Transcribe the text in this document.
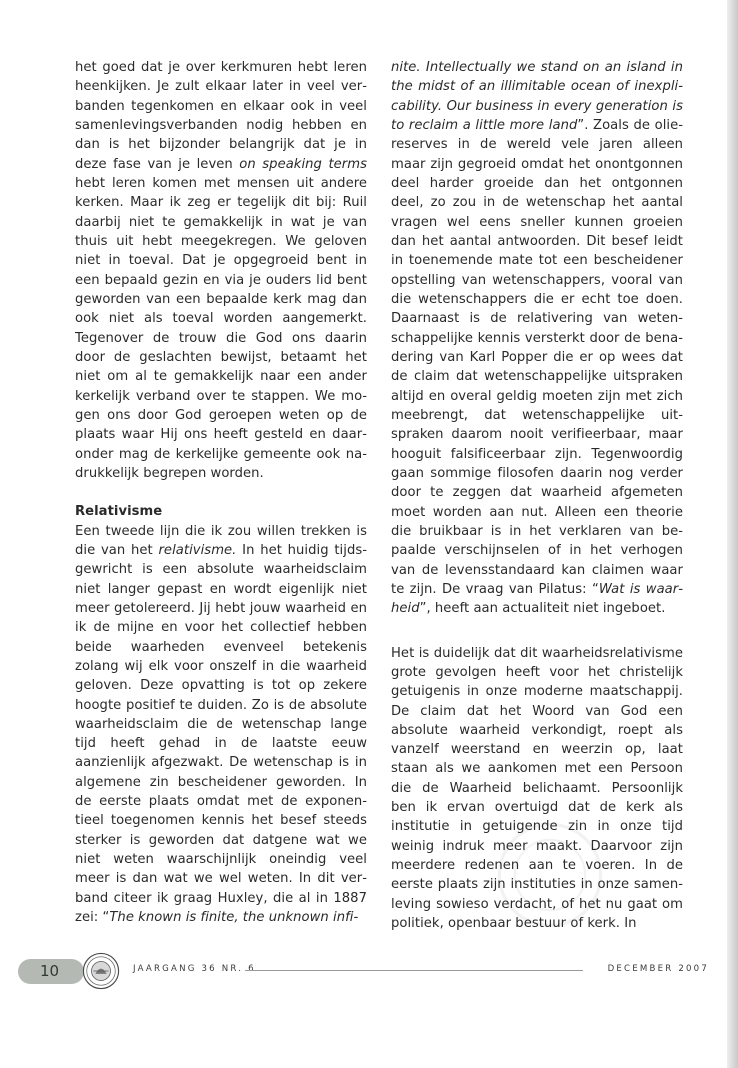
het goed dat je over kerkmuren hebt leren heenkijken. Je zult elkaar later in veel verbanden tegenkomen en elkaar ook in veel samenlevingsverbanden nodig hebben en dan is het bijzonder belangrijk dat je in deze fase van je leven on speaking terms hebt leren komen met mensen uit andere kerken. Maar ik zeg er tegelijk dit bij: Ruil daarbij niet te gemakkelijk in wat je van thuis uit hebt meegekregen. We geloven niet in toeval. Dat je opgegroeid bent in een bepaald gezin en via je ouders lid bent geworden van een bepaalde kerk mag dan ook niet als toeval worden aangemerkt. Tegenover de trouw die God ons daarin door de geslachten bewijst, betaamt het niet om al te gemakkelijk naar een ander kerkelijk verband over te stappen. We mogen ons door God geroepen weten op de plaats waar Hij ons heeft gesteld en daaronder mag de kerkelijke gemeente ook nadrukkelijk begrepen worden.

Relativisme

Een tweede lijn die ik zou willen trekken is die van het relativisme. In het huidig tijdsgewricht is een absolute waarheidsclaim niet langer gepast en wordt eigenlijk niet meer getolereerd. Jij hebt jouw waarheid en ik de mijne en voor het collectief hebben beide waarheden evenveel betekenis zolang wij elk voor onszelf in die waarheid geloven. Deze opvatting is tot op zekere hoogte positief te duiden. Zo is de absolute waarheidsclaim die de wetenschap lange tijd heeft gehad in de laatste eeuw aanzienlijk afgezwakt. De wetenschap is in algemene zin bescheidener geworden. In de eerste plaats omdat met de exponentieel toegenomen kennis het besef steeds sterker is geworden dat datgene wat we niet weten waarschijnlijk oneindig veel meer is dan wat we wel weten. In dit verband citeer ik graag Huxley, die al in 1887 zei: “The known is finite, the unknown infi-

nite. Intellectually we stand on an island in the midst of an illimitable ocean of inexplicability. Our business in every generation is to reclaim a little more land”. Zoals de oliereserves in de wereld vele jaren alleen maar zijn gegroeid omdat het onontgonnen deel harder groeide dan het ontgonnen deel, zo zou in de wetenschap het aantal vragen wel eens sneller kunnen groeien dan het aantal antwoorden. Dit besef leidt in toenemende mate tot een bescheidener opstelling van wetenschappers, vooral van die wetenschappers die er echt toe doen. Daarnaast is de relativering van wetenschappelijke kennis versterkt door de benadering van Karl Popper die er op wees dat de claim dat wetenschappelijke uitspraken altijd en overal geldig moeten zijn met zich meebrengt, dat wetenschappelijke uitspraken daarom nooit verifieerbaar, maar hooguit falsificeerbaar zijn. Tegenwoordig gaan sommige filosofen daarin nog verder door te zeggen dat waarheid afgemeten moet worden aan nut. Alleen een theorie die bruikbaar is in het verklaren van bepaalde verschijnselen of in het verhogen van de levensstandaard kan claimen waar te zijn. De vraag van Pilatus: “Wat is waarheid”, heeft aan actualiteit niet ingeboet.

Het is duidelijk dat dit waarheidsrelativisme grote gevolgen heeft voor het christelijk getuigenis in onze moderne maatschappij. De claim dat het Woord van God een absolute waarheid verkondigt, roept als vanzelf weerstand en weerzin op, laat staan als we aankomen met een Persoon die de Waarheid belichaamt. Persoonlijk ben ik ervan overtuigd dat de kerk als institutie in getuigende zin in onze tijd weinig indruk meer maakt. Daarvoor zijn meerdere redenen aan te voeren. In de eerste plaats zijn instituties in onze samenleving sowieso verdacht, of het nu gaat om politiek, openbaar bestuur of kerk. In

10	JAARGANG 36 NR. 6	DECEMBER 2007
